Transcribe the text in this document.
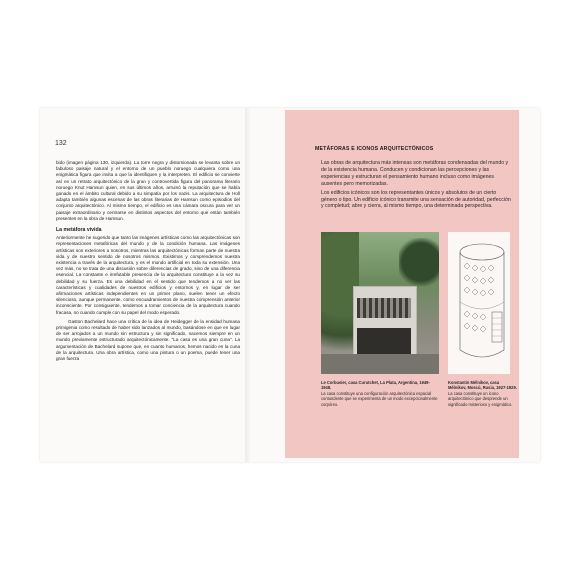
132

bido (imagen página 130, izquierda). La torre negra y distorsionada se levanta sobre un fabuloso paisaje natural y el entorno de un pueblo noruego cualquiera como una enigmática figura que invita a que la identifiquen y la interpreten. El edificio se convierte así en un retrato arquitectónico de la gran y controvertida figura del panorama literario noruego Knut Hamsun quien, en sus últimos años, arruinó la reputación que se había ganado en el ámbito cultural debido a su simpatía por los nazis. La arquitectura de Holl adapta también algunas escenas de las obras literarias de Hamsun como episodios del conjunto arquitectónico. Al mismo tiempo, el edificio es una cámara oscura para ver un paisaje extraordinario y centrarse en distintos aspectos del entorno que están también presentes en la obra de Hamsun.

La metáfora vivida

Anteriormente he sugerido que tanto las imágenes artísticas como las arquitectónicas son representaciones metafóricas del mundo y de la condición humana. Las imágenes artísticas son exteriores a nosotros, mientras las arquitectónicas forman parte de nuestra vida y de nuestro sentido de nosotros mismos. Existimos y comprendemos nuestra existencia a través de la arquitectura, y es el mundo artificial en toda su extensión. Una vez más, no se trata de una discusión sobre diferencias de grado, sino de una diferencia esencial. La constante e irrefutable presencia de la arquitectura constituye a la vez su debilidad y su fuerza. Es una debilidad en el sentido que tendemos a no ver las características y cualidades de nuestros edificios y entornos y, en lugar de ser afirmaciones artísticas independientes en un primer plano, suelen tener un efecto silencioso, aunque permanente, como encuadramientos de nuestra comprensión anterior inconsciente. Por consiguiente, tendemos a tomar conciencia de la arquitectura cuando fracasa, no cuando cumple con su papel del modo esperado.

Gaston Bachelard hace una crítica de la idea de Heidegger de la ensidad humana primigenia como resultado de haber sido lanzados al mundo, basándose en que en lugar de ser arrojados a un mundo sin estructura y sin significado, nacemos siempre en un mundo previamente estructurado arquitectónicamente. "La casa es una gran cuna". La argumentación de Bachelard supone que, en cuanto humanos, hemos nacido en la cuna de la arquitectura. Una obra artística, como una pintura o un poema, puede tener una gran fuerza

METÁFORAS E ICONOS ARQUITECTÓNICOS

Las obras de arquitectura más intensas son metáforas condensadas del mundo y de la existencia humana. Conducen y condicionan las percepciones y las experiencias y estructuran el pensamiento humano incluso como imágenes ausentes pero memorizadas.

Los edificios icónicos son los representantes únicos y absolutos de un cierto género o tipo. Un edificio icónico transmite una sensación de autoridad, perfección y completud; abre y cierra, al mismo tiempo, una determinada perspectiva.

Le Corbusier, casa Curutchet, La Plata, Argentina, 1949-1948.
La casa constituye una configuración arquitectónica espacial contundente que se experimenta de un modo excepcionalmente corpóreo.
Konstantin Mélnikov, casa Mélnikov, Moscú, Rusia, 1927-1929.
La casa constituye un icono arquitectónico que desprende un significado misterioso y enigmático.
